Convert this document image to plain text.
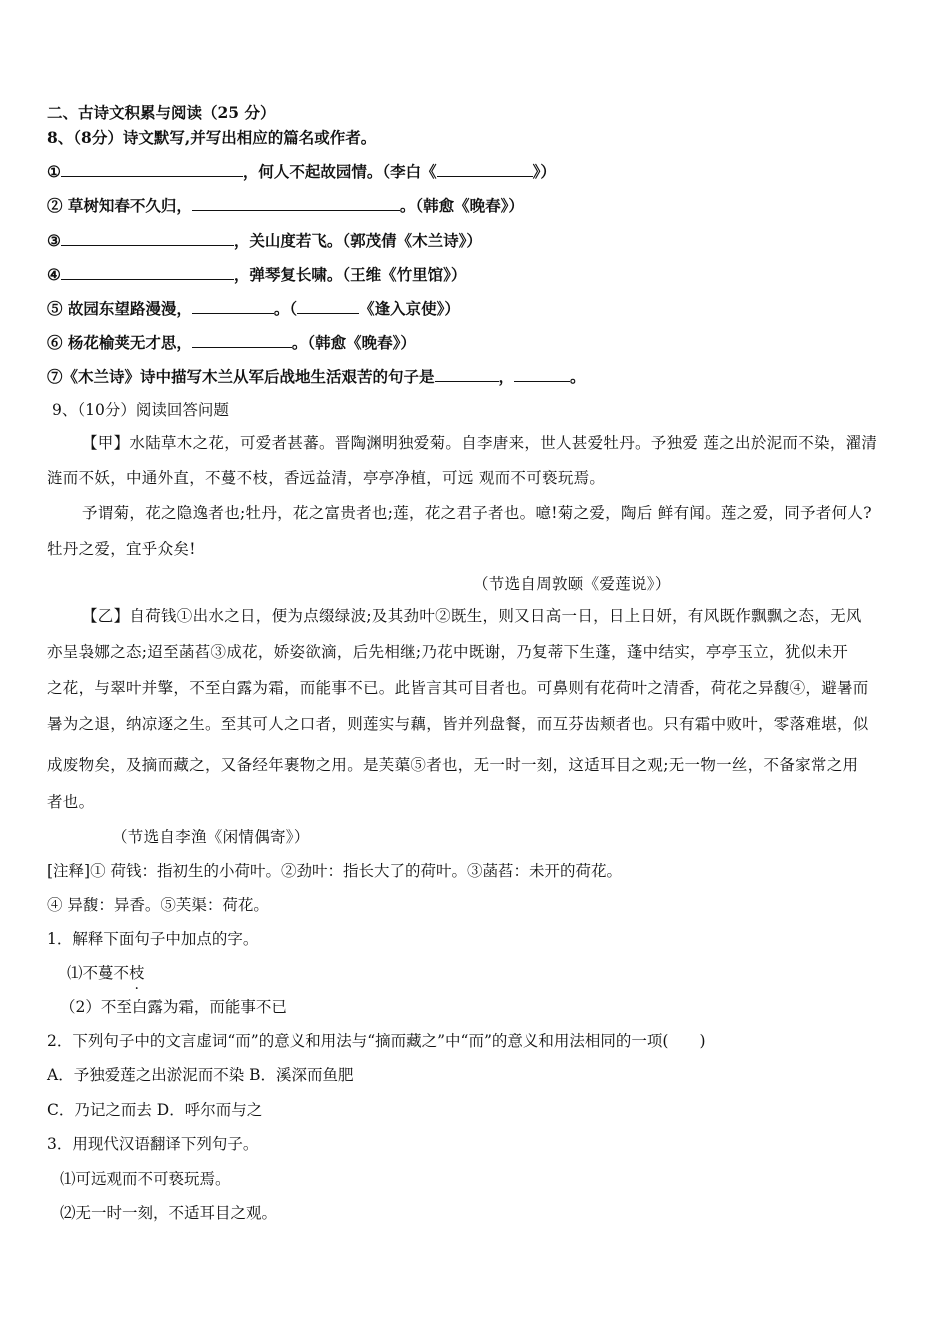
二、古诗文积累与阅读（25 分）
8、（8分）诗文默写,并写出相应的篇名或作者。
①	，何人不起故园情。（李白《	》）
② 草树知春不久归，	。（韩愈《晚春》）
③	，关山度若飞。（郭茂倩《木兰诗》）
④	，弹琴复长啸。（王维《竹里馆》）
⑤ 故园东望路漫漫，	。（	《逢入京使》）
⑥ 杨花榆荚无才思，	。（韩愈《晚春》）
⑦《木兰诗》诗中描写木兰从军后战地生活艰苦的句子是	，	。
9、（10分）阅读回答问题
【甲】水陆草木之花，可爱者甚蕃。晋陶渊明独爱菊。自李唐来，世人甚爱牡丹。予独爱 莲之出於泥而不染，濯清
涟而不妖，中通外直，不蔓不枝，香远益清，亭亭净植，可远 观而不可亵玩焉。
予谓菊，花之隐逸者也;牡丹，花之富贵者也;莲，花之君子者也。噫!菊之爱，陶后 鲜有闻。莲之爱，同予者何人?
牡丹之爱，宜乎众矣!
（节选自周敦颐《爱莲说》）
【乙】自荷钱①出水之日，便为点缀绿波;及其劲叶②既生，则又日高一日，日上日妍，有风既作飘飘之态，无风
亦呈袅娜之态;迢至菡萏③成花，娇姿欲滴，后先相继;乃花中既谢，乃复蒂下生蓬，蓬中结实，亭亭玉立，犹似未开
之花，与翠叶并擎，不至白露为霜，而能事不已。此皆言其可目者也。可鼻则有花荷叶之清香，荷花之异馥④，避暑而
暑为之退，纳凉逐之生。至其可人之口者，则莲实与藕，皆并列盘餐，而互芬齿颊者也。只有霜中败叶，零落难堪，似
成废物矣，及摘而藏之，又备经年裹物之用。是芙蕖⑤者也，无一时一刻，这适耳目之观;无一物一丝，不备家常之用
者也。
（节选自李渔《闲情偶寄》）
[注释]① 荷钱：指初生的小荷叶。②劲叶：指长大了的荷叶。③菡萏：未开的荷花。
④ 异馥：异香。⑤芙渠：荷花。
1．解释下面句子中加点的字。
⑴不蔓不枝
（2）不至白露为霜，而能事不已
2．下列句子中的文言虚词“而”的意义和用法与“摘而藏之”中“而”的意义和用法相同的一项(　　)
A．予独爱莲之出淤泥而不染 B．溪深而鱼肥
C．乃记之而去 D．呼尔而与之
3．用现代汉语翻译下列句子。
⑴可远观而不可亵玩焉。
⑵无一时一刻，不适耳目之观。
